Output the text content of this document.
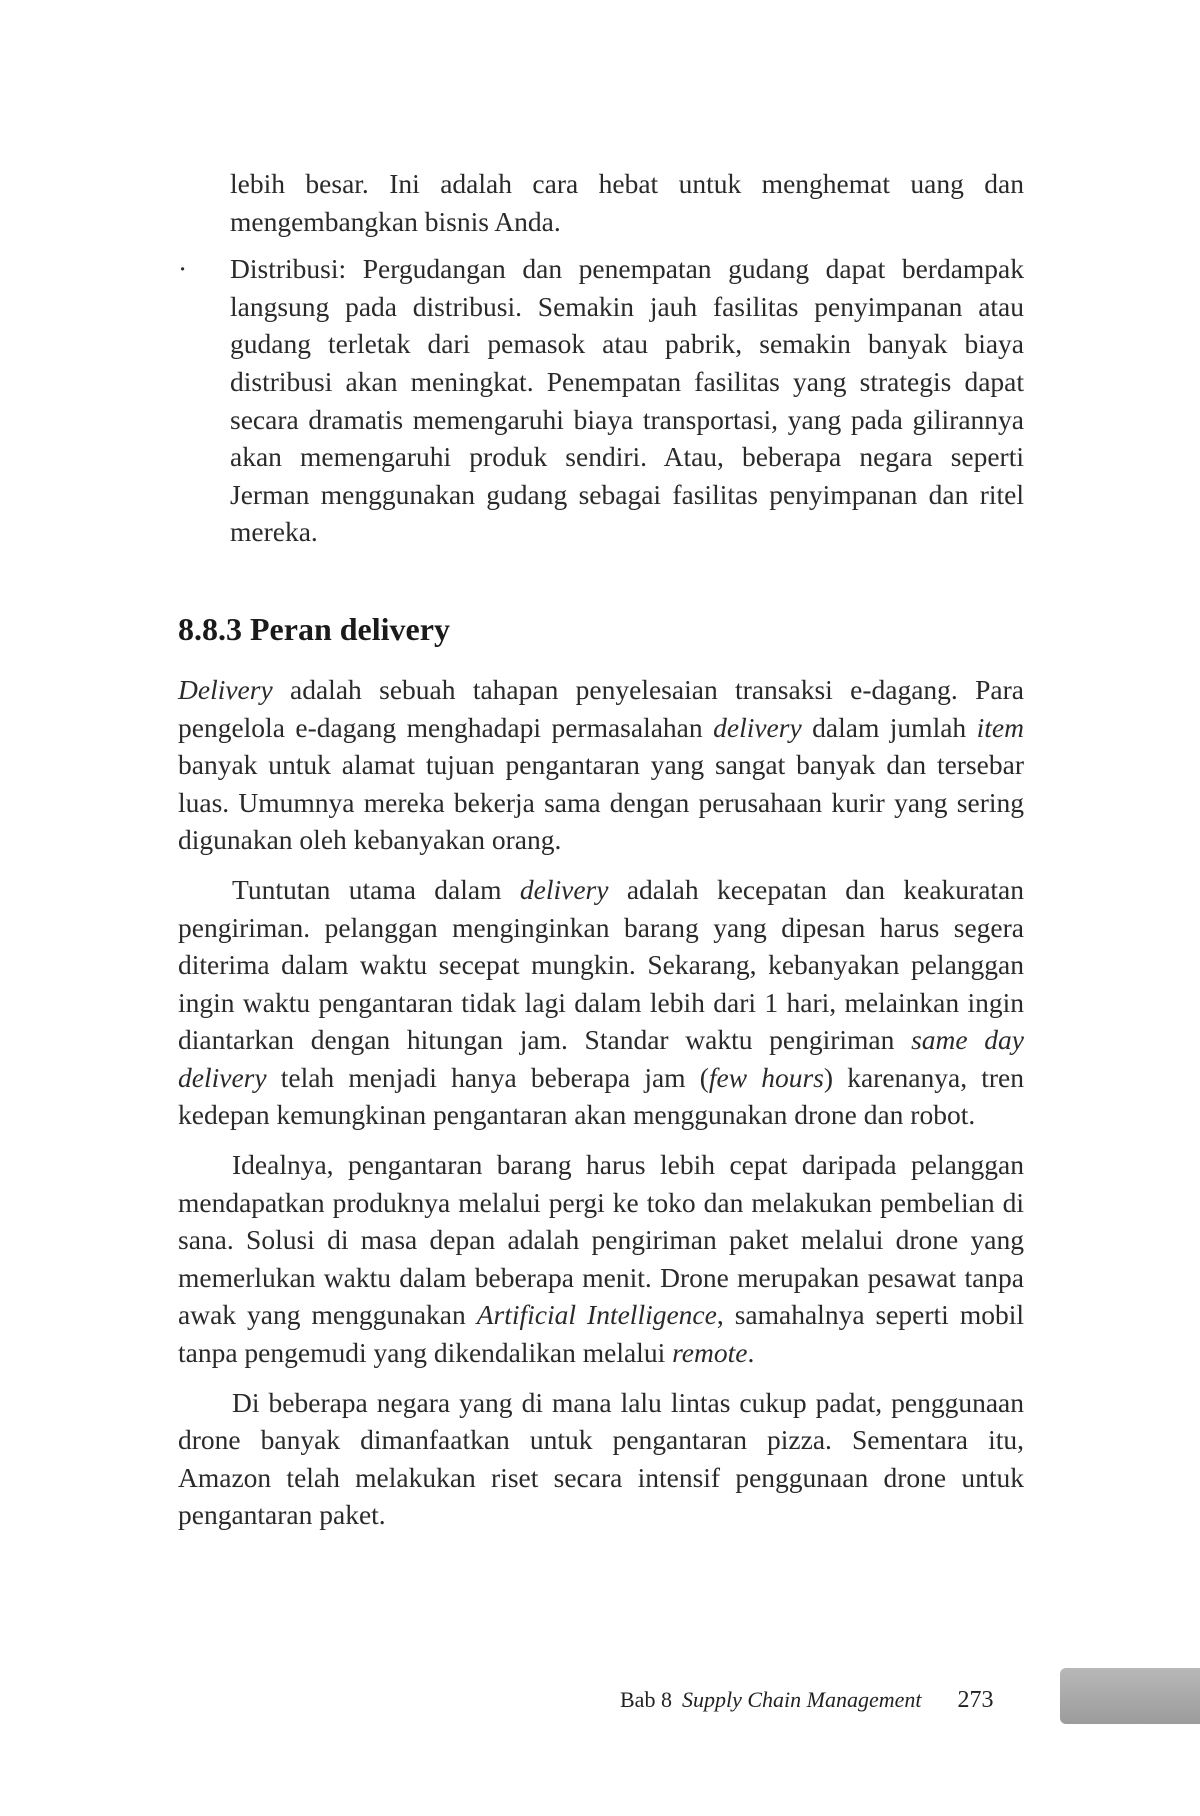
lebih besar. Ini adalah cara hebat untuk menghemat uang dan mengembangkan bisnis Anda.

·	Distribusi: Pergudangan dan penempatan gudang dapat berdampak langsung pada distribusi. Semakin jauh fasilitas penyimpanan atau gudang terletak dari pemasok atau pabrik, semakin banyak biaya distribusi akan meningkat. Penempatan fasilitas yang strategis dapat secara dramatis memengaruhi biaya transportasi, yang pada gilirannya akan memengaruhi produk sendiri. Atau, beberapa negara seperti Jerman menggunakan gudang sebagai fasilitas penyimpanan dan ritel mereka.

8.8.3 Peran delivery

Delivery adalah sebuah tahapan penyelesaian transaksi e-dagang. Para pengelola e-dagang menghadapi permasalahan delivery dalam jumlah item banyak untuk alamat tujuan pengantaran yang sangat banyak dan tersebar luas. Umumnya mereka bekerja sama dengan perusahaan kurir yang sering digunakan oleh kebanyakan orang.

Tuntutan utama dalam delivery adalah kecepatan dan keakuratan pengiriman. pelanggan menginginkan barang yang dipesan harus segera diterima dalam waktu secepat mungkin. Sekarang, kebanyakan pelanggan ingin waktu pengantaran tidak lagi dalam lebih dari 1 hari, melainkan ingin diantarkan dengan hitungan jam. Standar waktu pengiriman same day delivery telah menjadi hanya beberapa jam (few hours) karenanya, tren kedepan kemungkinan pengantaran akan menggunakan drone dan robot.

Idealnya, pengantaran barang harus lebih cepat daripada pelanggan mendapatkan produknya melalui pergi ke toko dan melakukan pembelian di sana. Solusi di masa depan adalah pengiriman paket melalui drone yang memerlukan waktu dalam beberapa menit. Drone merupakan pesawat tanpa awak yang menggunakan Artificial Intelligence, samahalnya seperti mobil tanpa pengemudi yang dikendalikan melalui remote.

Di beberapa negara yang di mana lalu lintas cukup padat, penggunaan drone banyak dimanfaatkan untuk pengantaran pizza. Sementara itu, Amazon telah melakukan riset secara intensif penggunaan drone untuk pengantaran paket.

Bab 8 Supply Chain Management 273
